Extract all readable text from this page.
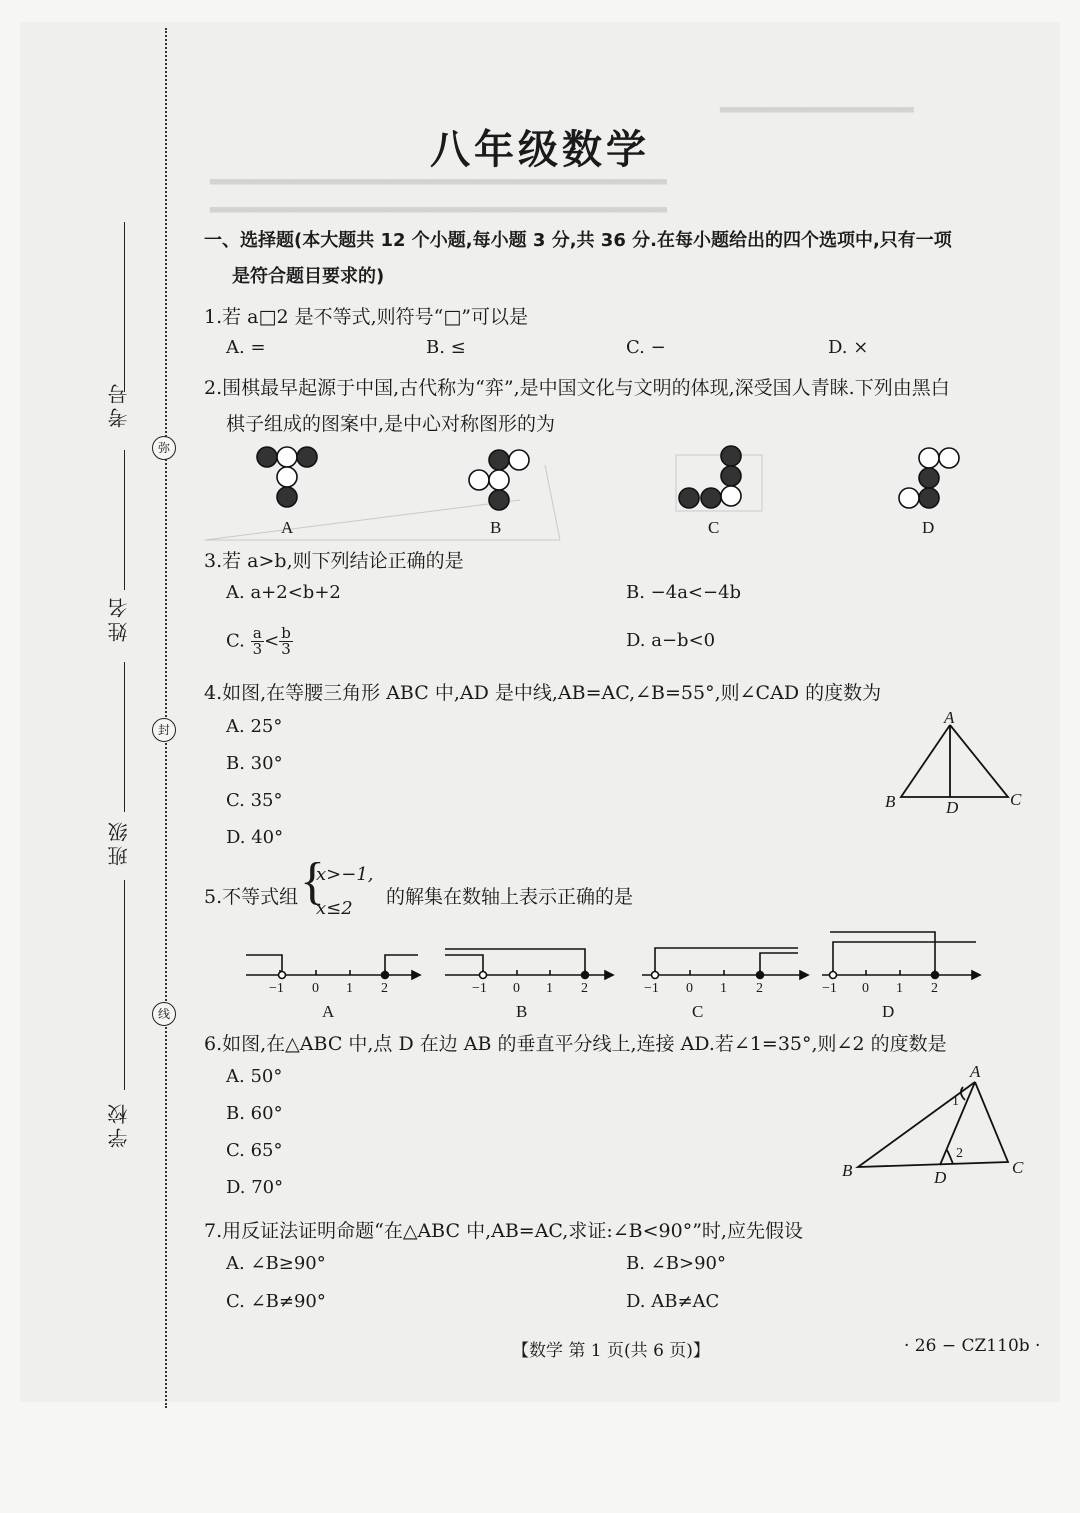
▂▂▂▂▂▂▂▂▂▂▂▂▂▂
▂▂▂▂▂▂▂▂▂▂▂▂▂▂▂▂▂▂▂▂▂▂▂▂▂▂▂▂▂▂▂▂▂
▂▂▂▂▂▂▂▂▂▂▂▂▂▂▂▂▂▂▂▂▂▂▂▂▂▂▂▂▂▂▂▂▂
考号
姓名
班级
学校
弥
封
线
八年级数学
一、选择题(本大题共 12 个小题,每小题 3 分,共 36 分.在每小题给出的四个选项中,只有一项
是符合题目要求的)
1.若 a□2 是不等式,则符号“□”可以是
A. =	B. ≤	C. −	D. ×
2.围棋最早起源于中国,古代称为“弈”,是中国文化与文明的体现,深受国人青睐.下列由黑白
棋子组成的图案中,是中心对称图形的为
A	B	C	D
3.若 a>b,则下列结论正确的是
A. a+2<b+2	B. −4a<−4b
C. $\frac{a}{3} < \frac{b}{3}$	D. a−b<0
4.如图,在等腰三角形 ABC 中,AD 是中线,AB=AC,∠B=55°,则∠CAD 的度数为
A. 25°
B. 30°
C. 35°
D. 40°
A
B	D	C
5.不等式组 {
x>−1,
x≤2
的解集在数轴上表示正确的是
−1 0 1 2	−1 0 1 2	−1 0 1 2	−1 0 1 2
A	B	C	D
6.如图,在△ABC 中,点 D 在边 AB 的垂直平分线上,连接 AD.若∠1=35°,则∠2 的度数是
A. 50°
B. 60°
C. 65°
D. 70°
A
B	D
C
1
2
7.用反证法证明命题“在△ABC 中,AB=AC,求证:∠B<90°”时,应先假设
A. ∠B≥90°	B. ∠B>90°
C. ∠B≠90°	D. AB≠AC
【数学 第 1 页(共 6 页)】	· 26 − CZ110b ·
